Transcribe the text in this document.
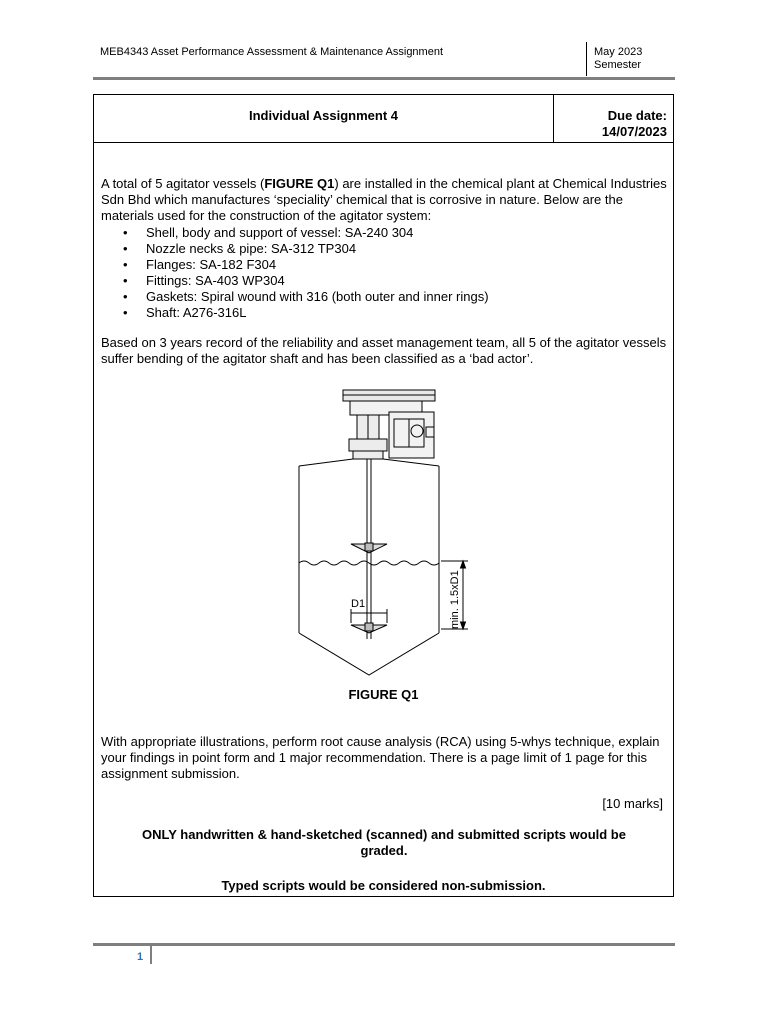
MEB4343 Asset Performance Assessment & Maintenance Assignment	May 2023
Semester
Individual Assignment 4	Due date:
14/07/2023
A total of 5 agitator vessels (FIGURE Q1) are installed in the chemical plant at Chemical Industries Sdn Bhd which manufactures ‘speciality’ chemical that is corrosive in nature. Below are the materials used for the construction of the agitator system:
• Shell, body and support of vessel: SA-240 304
• Nozzle necks & pipe: SA-312 TP304
• Flanges: SA-182 F304
• Fittings: SA-403 WP304
• Gaskets: Spiral wound with 316 (both outer and inner rings)
• Shaft: A276-316L
Based on 3 years record of the reliability and asset management team, all 5 of the agitator vessels suffer bending of the agitator shaft and has been classified as a ‘bad actor’.
D1	min. 1.5xD1
FIGURE Q1
With appropriate illustrations, perform root cause analysis (RCA) using 5-whys technique, explain your findings in point form and 1 major recommendation. There is a page limit of 1 page for this assignment submission.
[10 marks]
ONLY handwritten & hand-sketched (scanned) and submitted scripts would be graded.
Typed scripts would be considered non-submission.
1
